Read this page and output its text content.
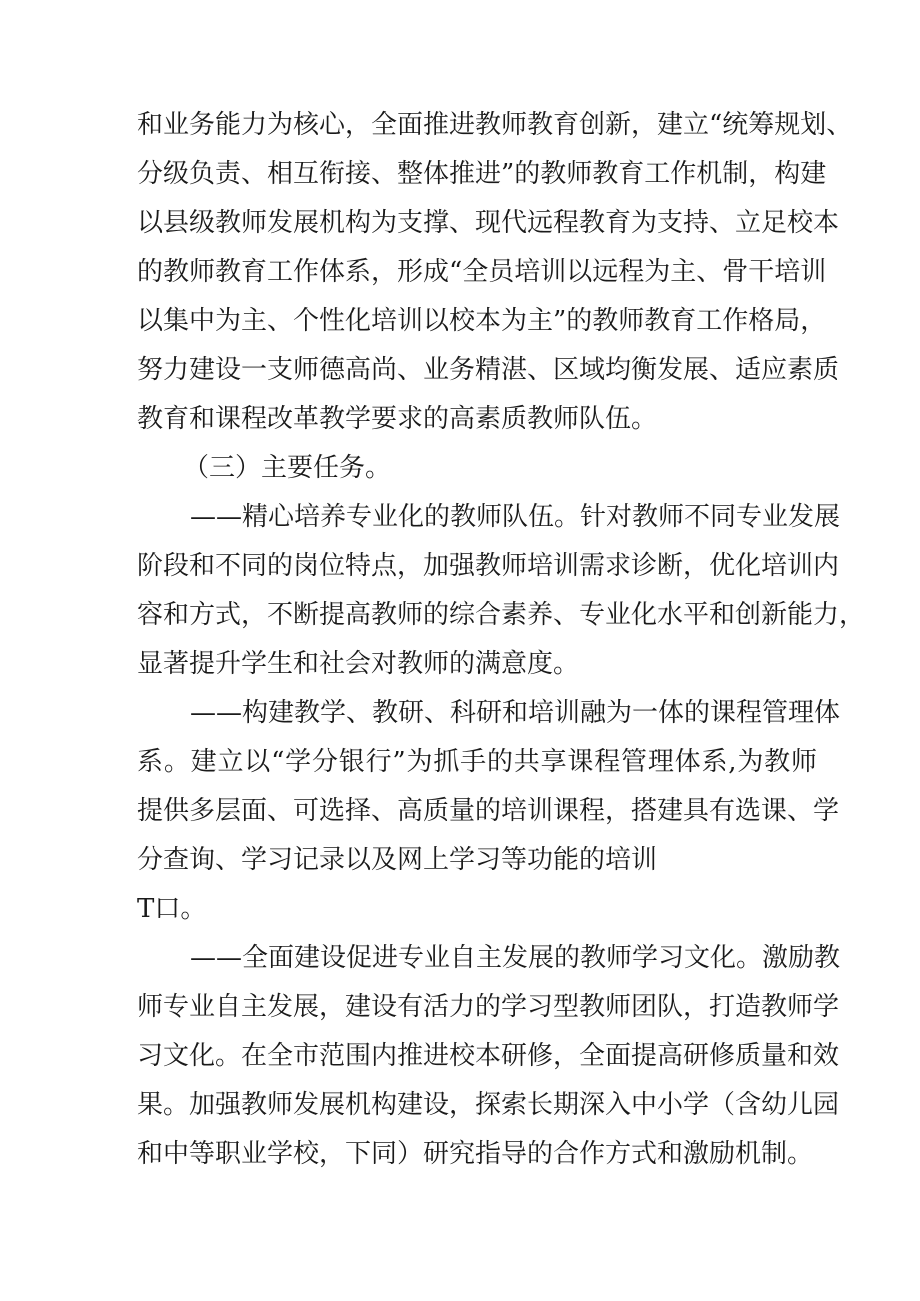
和业务能力为核心，全面推进教师教育创新，建立“统筹规划、
分级负责、相互衔接、整体推进”的教师教育工作机制，构建
以县级教师发展机构为支撑、现代远程教育为支持、立足校本
的教师教育工作体系，形成“全员培训以远程为主、骨干培训
以集中为主、个性化培训以校本为主”的教师教育工作格局，
努力建设一支师德高尚、业务精湛、区域均衡发展、适应素质
教育和课程改革教学要求的高素质教师队伍。
（三）主要任务。
——精心培养专业化的教师队伍。针对教师不同专业发展
阶段和不同的岗位特点，加强教师培训需求诊断，优化培训内
容和方式，不断提高教师的综合素养、专业化水平和创新能力，
显著提升学生和社会对教师的满意度。
——构建教学、教研、科研和培训融为一体的课程管理体
系。建立以“学分银行”为抓手的共享课程管理体系,为教师
提供多层面、可选择、高质量的培训课程，搭建具有选课、学
分查询、学习记录以及网上学习等功能的培训
T口。
——全面建设促进专业自主发展的教师学习文化。激励教
师专业自主发展，建设有活力的学习型教师团队，打造教师学
习文化。在全市范围内推进校本研修，全面提高研修质量和效
果。加强教师发展机构建设，探索长期深入中小学（含幼儿园
和中等职业学校，下同）研究指导的合作方式和激励机制。
